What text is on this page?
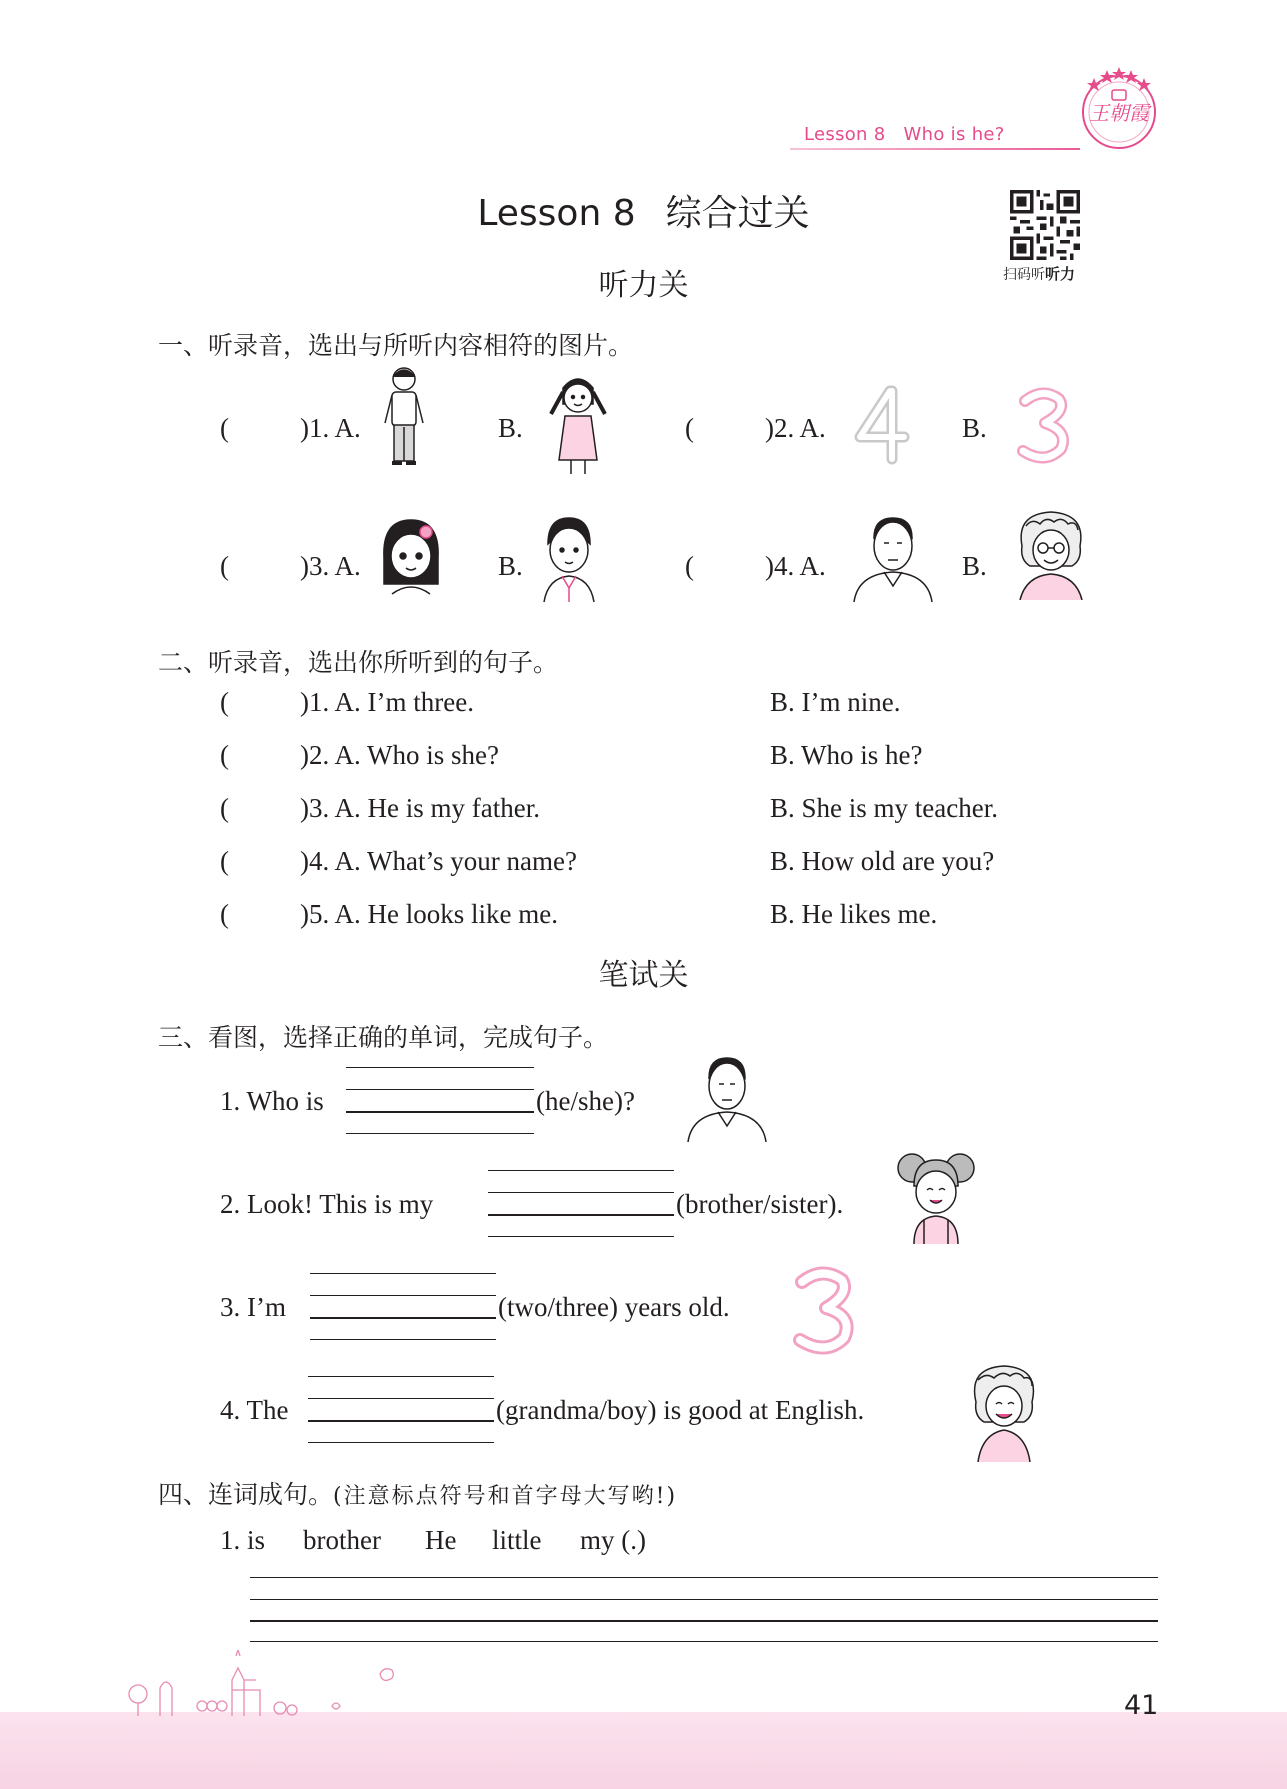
王朝霞
Lesson 8 Who is he?
Lesson 8 综合过关
扫码听听力
听力关
一、听录音，选出与所听内容相符的图片。
(	)1. A.	B.	(	)2. A.	B.
(	)3. A.	B.	(	)4. A.	B.
二、听录音，选出你所听到的句子。
(	)1. A. I’m three.	B. I’m nine.
(	)2. A. Who is she?	B. Who is he?
(	)3. A. He is my father.	B. She is my teacher.
(	)4. A. What’s your name?	B. How old are you?
(	)5. A. He looks like me.	B. He likes me.
笔试关
三、看图，选择正确的单词，完成句子。
1. Who is	(he/she)?
2. Look! This is my	(brother/sister).
3. I’m	(two/three) years old.
4. The	(grandma/boy) is good at English.
四、连词成句。(注意标点符号和首字母大写哟!)
1. is brother He little my (.)
41
